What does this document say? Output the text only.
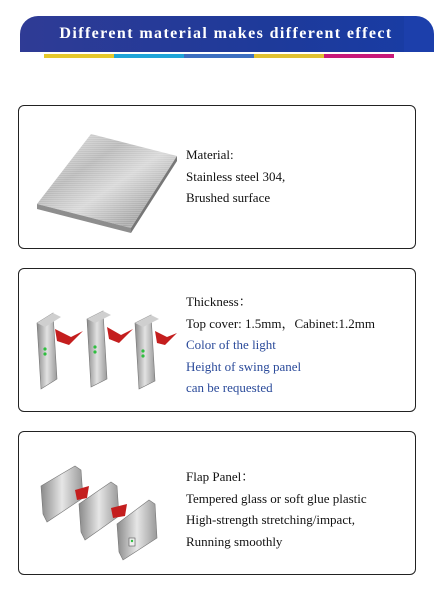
Different material makes different effect
Material:
Stainless steel 304,
Brushed surface
Thickness：
Top cover: 1.5mm，Cabinet:1.2mm
Color of the light
Height of swing panel
can be requested
Flap Panel：
Tempered glass or soft glue plastic
High-strength stretching/impact,
Running smoothly
